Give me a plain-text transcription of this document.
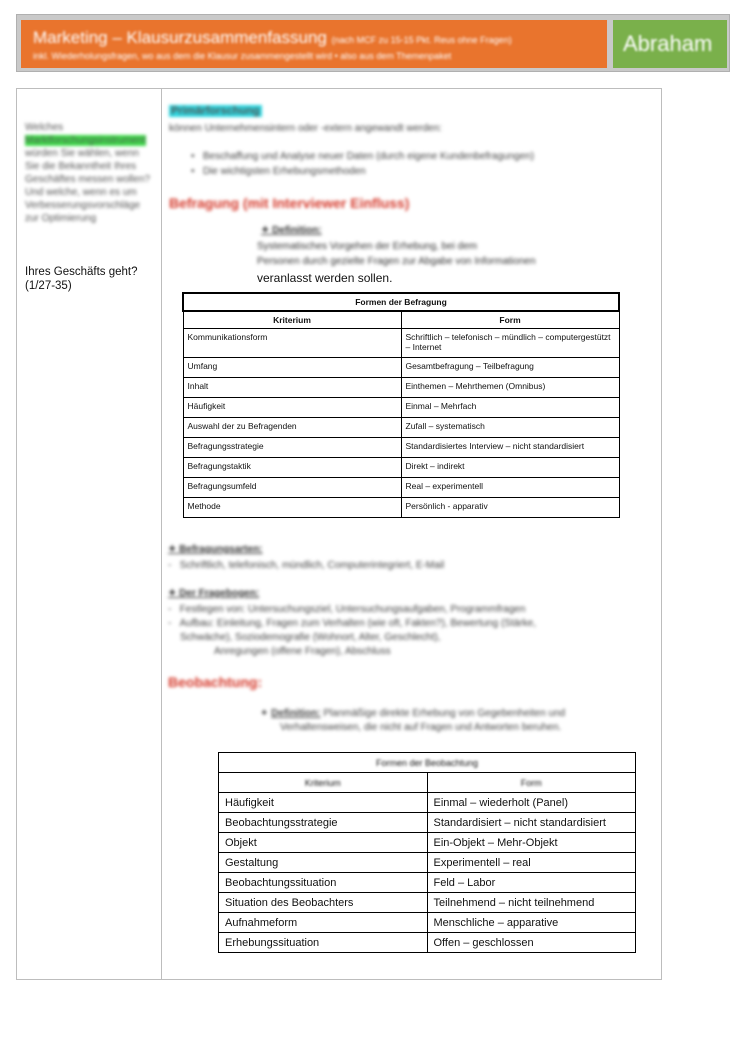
Marketing – Klausurzusammenfassung (nach MCF zu 15-15 Pkt. Reus ohne Fragen)
inkl. Wiederholungsfragen, wo aus dem die Klausur zusammengestellt wird • also aus dem Themenpaket	Abraham
Welches Marktforschungsinstrument würden Sie wählen, wenn Sie die Bekanntheit Ihres Geschäftes messen wollen? Und welche, wenn es um Verbesserungsvorschläge zur Optimierung
Ihres Geschäfts geht?
(1/27-35)
Primärforschung
können Unternehmensintern oder -extern angewandt werden:
•   Beschaffung und Analyse neuer Daten (durch eigene Kundenbefragungen)
•   Die wichtigsten Erhebungsmethoden
Befragung (mit Interviewer Einfluss)
✦ Definition:
Systematisches Vorgehen der Erhebung, bei dem
Personen durch gezielte Fragen zur Abgabe von Informationen
veranlasst werden sollen.
Formen der Befragung	
Kriterium	Form
Kommunikationsform	Schriftlich – telefonisch – mündlich – computergestützt – Internet
Umfang	Gesamtbefragung – Teilbefragung
Inhalt	Einthemen – Mehrthemen (Omnibus)
Häufigkeit	Einmal – Mehrfach
Auswahl der zu Befragenden	Zufall – systematisch
Befragungsstrategie	Standardisiertes Interview – nicht standardisiert
Befragungstaktik	Direkt – indirekt
Befragungsumfeld	Real – experimentell
Methode	Persönlich - apparativ
✦ Befragungsarten:
-   Schriftlich, telefonisch, mündlich, Computerintegriert, E-Mail
✦ Der Fragebogen:
-   Festlegen von: Untersuchungsziel, Untersuchungsaufgaben, Programmfragen
-   Aufbau: Einleitung, Fragen zum Verhalten (wie oft, Fakten?), Bewertung (Stärke,
Schwäche), Soziodemografie (Wohnort, Alter, Geschlecht),
Anregungen (offene Fragen), Abschluss
Beobachtung:
✦ Definition: Planmäßige direkte Erhebung von Gegebenheiten und
Verhaltensweisen, die nicht auf Fragen und Antworten beruhen.
Formen der Beobachtung	
Kriterium	Form
Häufigkeit	Einmal – wiederholt (Panel)
Beobachtungsstrategie	Standardisiert – nicht standardisiert
Objekt	Ein-Objekt – Mehr-Objekt
Gestaltung	Experimentell – real
Beobachtungssituation	Feld – Labor
Situation des Beobachters	Teilnehmend – nicht teilnehmend
Aufnahmeform	Menschliche – apparative
Erhebungssituation	Offen – geschlossen
